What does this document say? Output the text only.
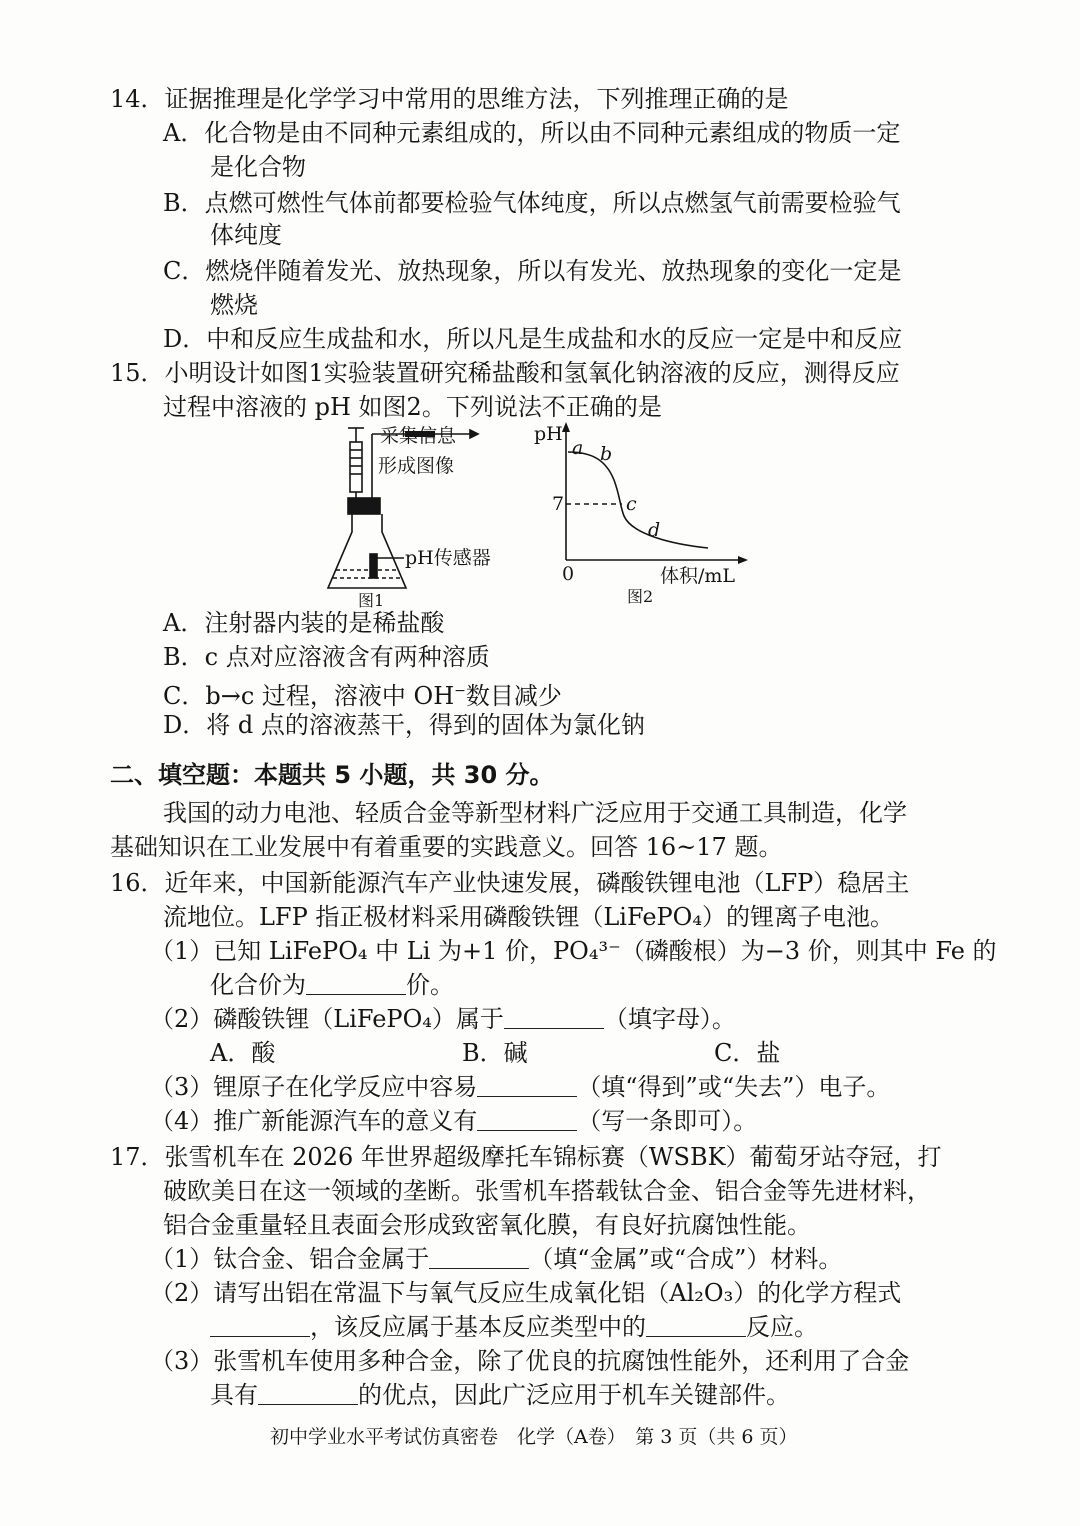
14．证据推理是化学学习中常用的思维方法，下列推理正确的是

A．化合物是由不同种元素组成的，所以由不同种元素组成的物质一定

是化合物

B．点燃可燃性气体前都要检验气体纯度，所以点燃氢气前需要检验气

体纯度

C．燃烧伴随着发光、放热现象，所以有发光、放热现象的变化一定是

燃烧

D．中和反应生成盐和水，所以凡是生成盐和水的反应一定是中和反应

15．小明设计如图1实验装置研究稀盐酸和氢氧化钠溶液的反应，测得反应

过程中溶液的 pH 如图2。下列说法不正确的是

采集信息
形成图像
pH传感器
图1
pH
7
0	体积/mL
a b
c
d
图2

A．注射器内装的是稀盐酸

B．c 点对应溶液含有两种溶质

C．b→c 过程，溶液中 OH−数目减少

D．将 d 点的溶液蒸干，得到的固体为氯化钠

二、填空题：本题共 5 小题，共 30 分。

我国的动力电池、轻质合金等新型材料广泛应用于交通工具制造，化学

基础知识在工业发展中有着重要的实践意义。回答 16~17 题。

16．近年来，中国新能源汽车产业快速发展，磷酸铁锂电池（LFP）稳居主

流地位。LFP 指正极材料采用磷酸铁锂（LiFePO₄）的锂离子电池。

（1）已知 LiFePO₄ 中 Li 为+1 价，PO₄³⁻（磷酸根）为−3 价，则其中 Fe 的

化合价为	价。

（2）磷酸铁锂（LiFePO₄）属于	（填字母）。

A．酸	B．碱	C．盐

（3）锂原子在化学反应中容易	（填“得到”或“失去”）电子。

（4）推广新能源汽车的意义有	（写一条即可）。

17．张雪机车在 2026 年世界超级摩托车锦标赛（WSBK）葡萄牙站夺冠，打

破欧美日在这一领域的垄断。张雪机车搭载钛合金、铝合金等先进材料，

铝合金重量轻且表面会形成致密氧化膜，有良好抗腐蚀性能。

（1）钛合金、铝合金属于	（填“金属”或“合成”）材料。

（2）请写出铝在常温下与氧气反应生成氧化铝（Al₂O₃）的化学方程式

，该反应属于基本反应类型中的	反应。

（3）张雪机车使用多种合金，除了优良的抗腐蚀性能外，还利用了合金

具有	的优点，因此广泛应用于机车关键部件。

初中学业水平考试仿真密卷　化学（A卷）　第 3 页（共 6 页）
